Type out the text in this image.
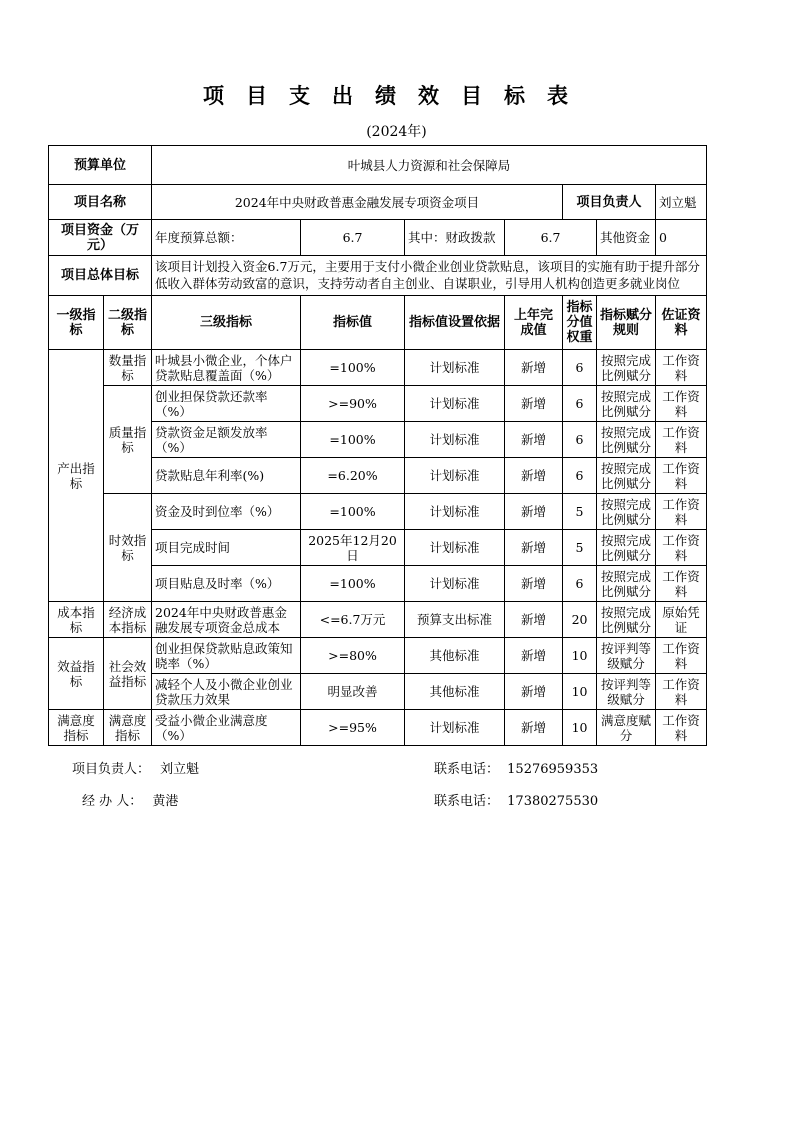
项目支出绩效目标表
(2024年)
预算单位		叶城县人力资源和社会保障局						
项目名称		2024年中央财政普惠金融发展专项资金项目				项目负责人		刘立魁
项目资金（万元）		年度预算总额：	6.7	其中：财政拨款	6.7		其他资金	0
项目总体目标		该项目计划投入资金6.7万元，主要用于支付小微企业创业贷款贴息，该项目的实施有助于提升部分低收入群体劳动致富的意识，支持劳动者自主创业、自谋职业，引导用人机构创造更多就业岗位						

一级指标	二级指标	三级指标	指标值	指标值设置依据	上年完成值	指标分值权重	指标赋分规则	佐证资料
产出指标	数量指标	叶城县小微企业，个体户贷款贴息覆盖面（%）	=100%	计划标准	新增	6	按照完成比例赋分	工作资料
	质量指标	创业担保贷款还款率（%）	>=90%	计划标准	新增	6	按照完成比例赋分	工作资料
		贷款资金足额发放率（%）	=100%	计划标准	新增	6	按照完成比例赋分	工作资料
		贷款贴息年利率(%)	=6.20%	计划标准	新增	6	按照完成比例赋分	工作资料
	时效指标	资金及时到位率（%）	=100%	计划标准	新增	5	按照完成比例赋分	工作资料
		项目完成时间	2025年12月20日	计划标准	新增	5	按照完成比例赋分	工作资料
		项目贴息及时率（%）	=100%	计划标准	新增	6	按照完成比例赋分	工作资料
成本指标	经济成本指标	2024年中央财政普惠金融发展专项资金总成本	<=6.7万元	预算支出标准	新增	20	按照完成比例赋分	原始凭证
效益指标	社会效益指标	创业担保贷款贴息政策知晓率（%）	>=80%	其他标准	新增	10	按评判等级赋分	工作资料
		减轻个人及小微企业创业贷款压力效果	明显改善	其他标准	新增	10	按评判等级赋分	工作资料
满意度指标	满意度指标	受益小微企业满意度（%）	>=95%	计划标准	新增	10	满意度赋分	工作资料
项目负责人： 刘立魁	联系电话： 15276959353
经 办 人： 黄港	联系电话： 17380275530
